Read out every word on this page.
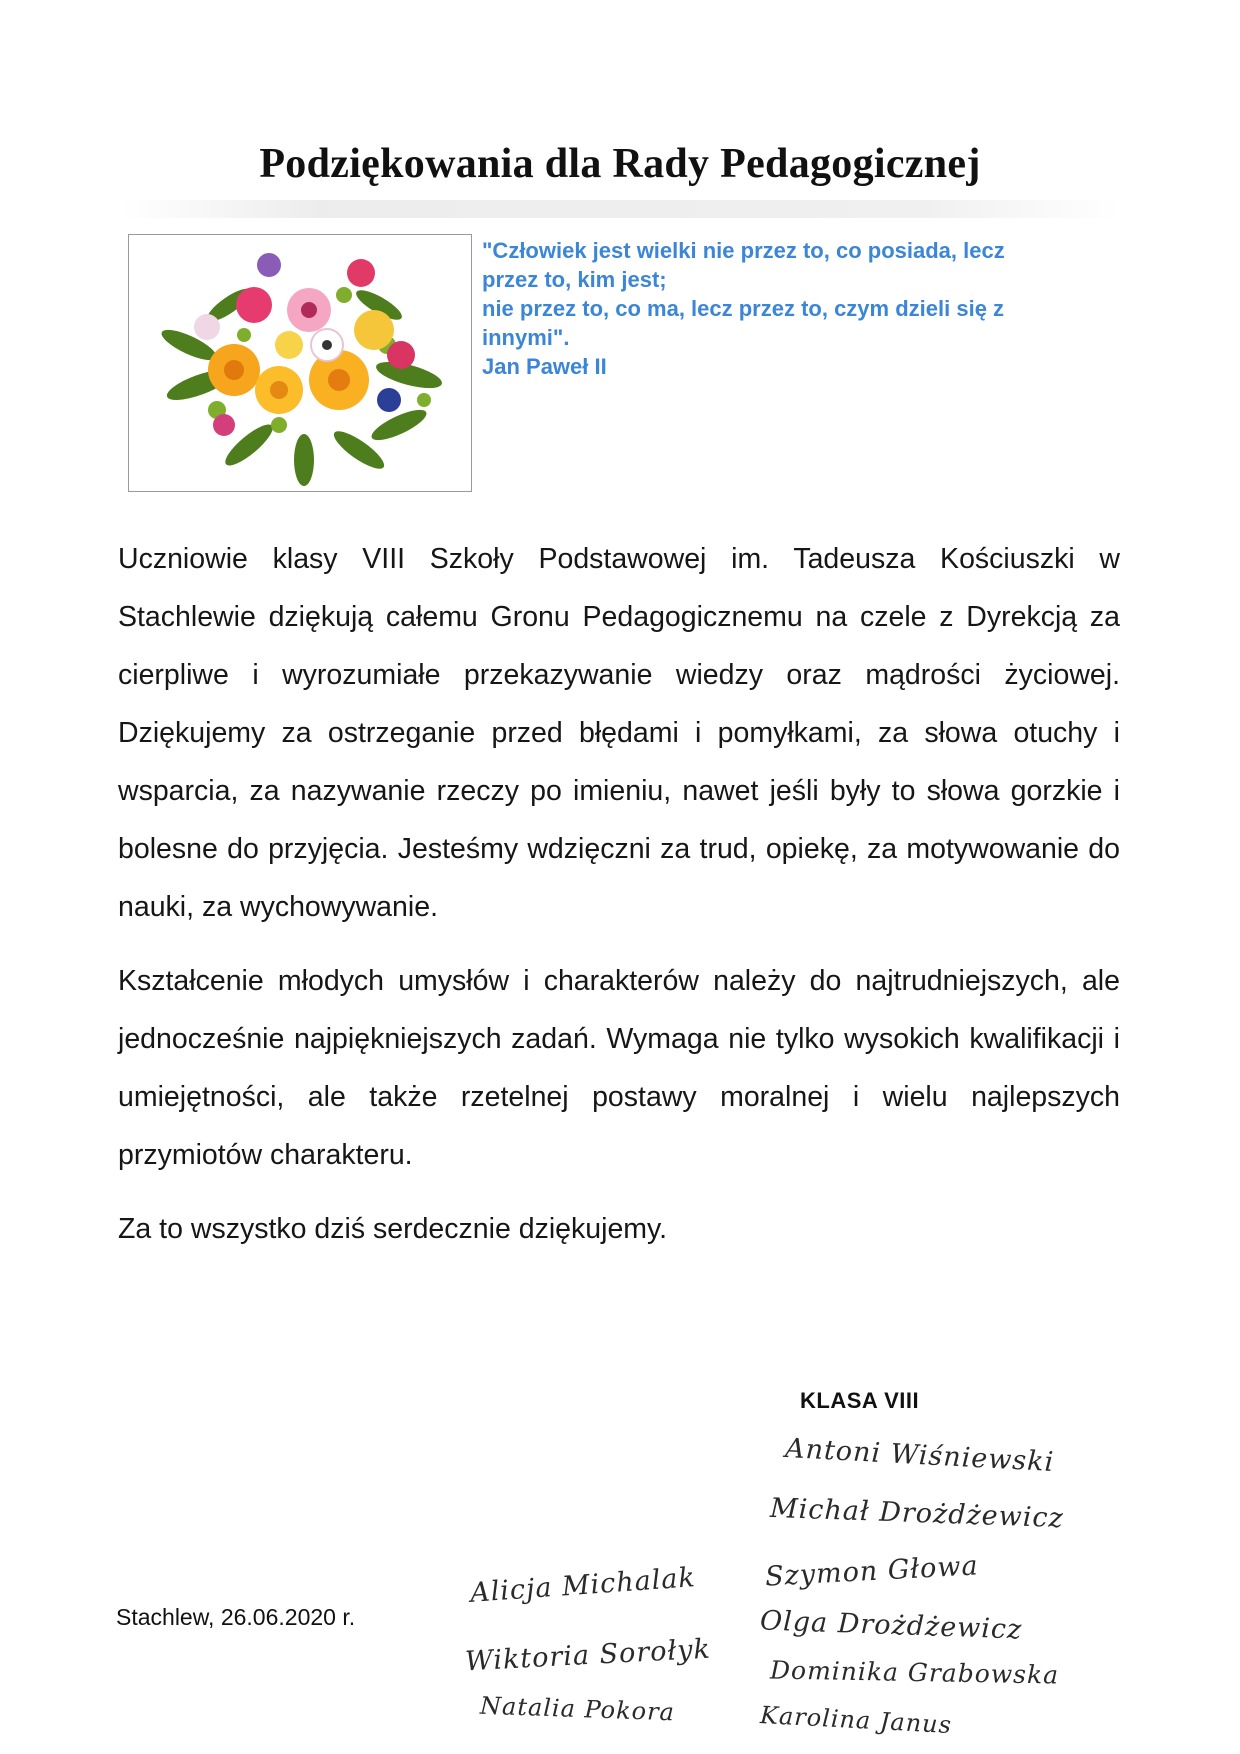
Podziękowania dla Rady Pedagogicznej
"Człowiek jest wielki nie przez to, co posiada, lecz
przez to, kim jest;
nie przez to, co ma, lecz przez to, czym dzieli się z
innymi".
Jan Paweł II

Uczniowie klasy VIII Szkoły Podstawowej im. Tadeusza Kościuszki w Stachlewie dziękują całemu Gronu Pedagogicznemu na czele z Dyrekcją za cierpliwe i wyrozumiałe przekazywanie wiedzy oraz mądrości życiowej. Dziękujemy za ostrzeganie przed błędami i pomyłkami, za słowa otuchy i wsparcia, za nazywanie rzeczy po imieniu, nawet jeśli były to słowa gorzkie i bolesne do przyjęcia. Jesteśmy wdzięczni za trud, opiekę, za motywowanie do nauki, za wychowywanie.

Kształcenie młodych umysłów i charakterów należy do najtrudniejszych, ale jednocześnie najpiękniejszych zadań. Wymaga nie tylko wysokich kwalifikacji i umiejętności, ale także rzetelnej postawy moralnej i wielu najlepszych przymiotów charakteru.

Za to wszystko dziś serdecznie dziękujemy.

KLASA VIII
Stachlew, 26.06.2020 r.
Alicja Michalak
Wiktoria Sorołyk
Natalia Pokora
Antoni Wiśniewski
Michał Drożdżewicz
Szymon Głowa
Olga Drożdżewicz
Dominika Grabowska
Karolina Janus
